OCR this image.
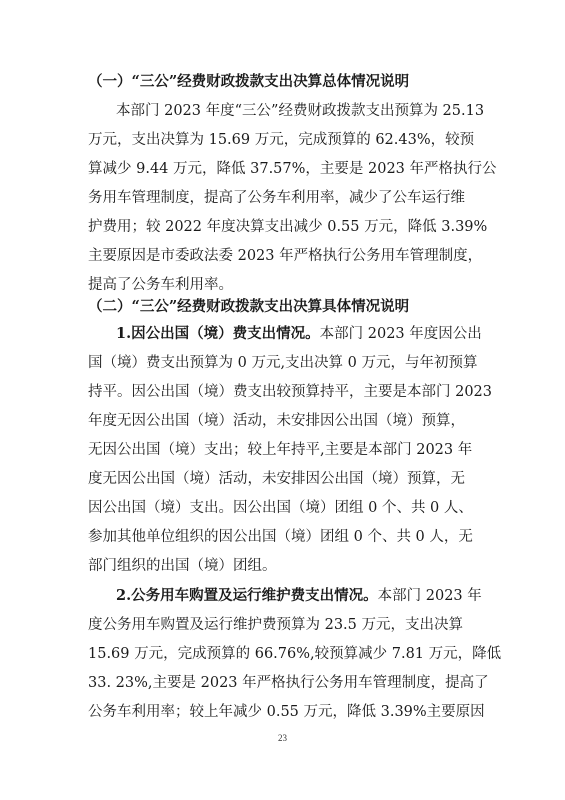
（一）“三公”经费财政拨款支出决算总体情况说明
本部门 2023 年度“三公”经费财政拨款支出预算为 25.13
万元，支出决算为 15.69 万元，完成预算的 62.43%，较预
算减少 9.44 万元，降低 37.57%，主要是 2023 年严格执行公
务用车管理制度，提高了公务车利用率，减少了公车运行维
护费用；较 2022 年度决算支出减少 0.55 万元，降低 3.39%
主要原因是市委政法委 2023 年严格执行公务用车管理制度，
提高了公务车利用率。
（二）“三公”经费财政拨款支出决算具体情况说明
1.因公出国（境）费支出情况。本部门 2023 年度因公出
国（境）费支出预算为 0 万元,支出决算 0 万元，与年初预算
持平。因公出国（境）费支出较预算持平，主要是本部门 2023
年度无因公出国（境）活动，未安排因公出国（境）预算，
无因公出国（境）支出；较上年持平,主要是本部门 2023 年
度无因公出国（境）活动，未安排因公出国（境）预算，无
因公出国（境）支出。因公出国（境）团组 0 个、共 0 人、
参加其他单位组织的因公出国（境）团组 0 个、共 0 人，无
部门组织的出国（境）团组。
2.公务用车购置及运行维护费支出情况。本部门 2023 年
度公务用车购置及运行维护费预算为 23.5 万元，支出决算
15.69 万元，完成预算的 66.76%,较预算减少 7.81 万元，降低
33. 23%,主要是 2023 年严格执行公务用车管理制度，提高了
公务车利用率；较上年减少 0.55 万元，降低 3.39%主要原因
23
